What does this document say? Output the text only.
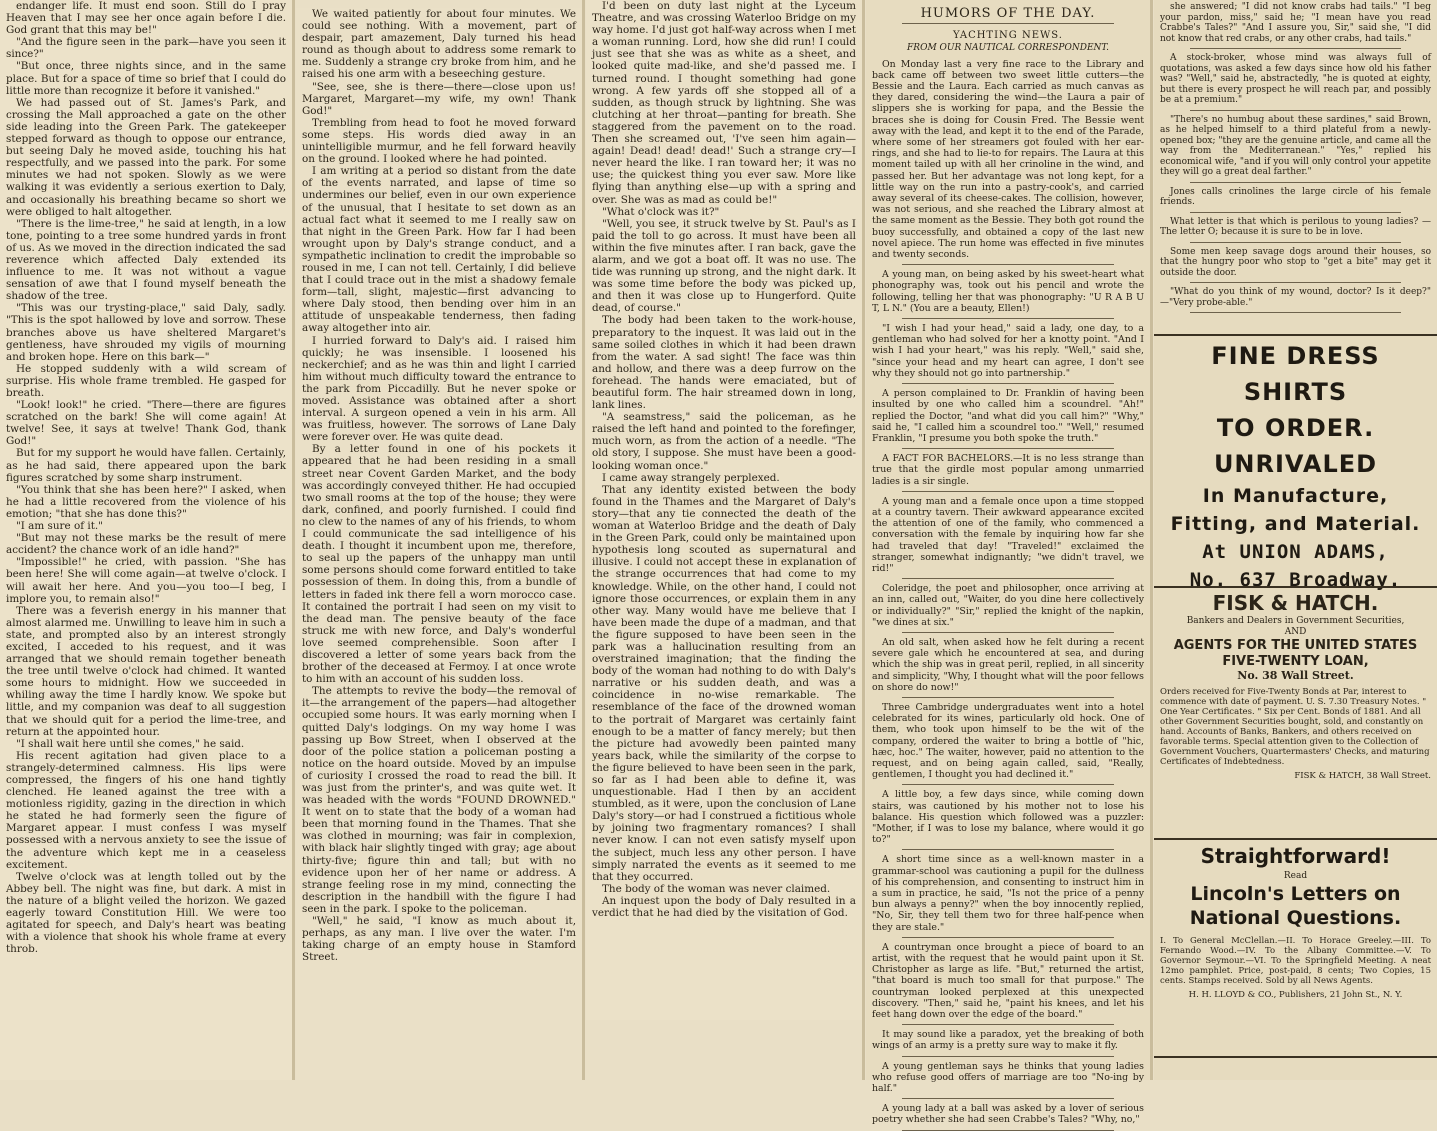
endanger life. It must end soon. Still do I pray Heaven that I may see her once again before I die. God grant that this may be!"

"And the figure seen in the park—have you seen it since?"

"But once, three nights since, and in the same place. But for a space of time so brief that I could do little more than recognize it before it vanished."

We had passed out of St. James's Park, and crossing the Mall approached a gate on the other side leading into the Green Park. The gatekeeper stepped forward as though to oppose our entrance, but seeing Daly he moved aside, touching his hat respectfully, and we passed into the park. For some minutes we had not spoken. Slowly as we were walking it was evidently a serious exertion to Daly, and occasionally his breathing became so short we were obliged to halt altogether.

"There is the lime-tree," he said at length, in a low tone, pointing to a tree some hundred yards in front of us. As we moved in the direction indicated the sad reverence which affected Daly extended its influence to me. It was not without a vague sensation of awe that I found myself beneath the shadow of the tree.

"This was our trysting-place," said Daly, sadly. "This is the spot hallowed by love and sorrow. These branches above us have sheltered Margaret's gentleness, have shrouded my vigils of mourning and broken hope. Here on this bark—"

He stopped suddenly with a wild scream of surprise. His whole frame trembled. He gasped for breath.

"Look! look!" he cried. "There—there are figures scratched on the bark! She will come again! At twelve! See, it says at twelve! Thank God, thank God!"

But for my support he would have fallen. Certainly, as he had said, there appeared upon the bark figures scratched by some sharp instrument.

"You think that she has been here?" I asked, when he had a little recovered from the violence of his emotion; "that she has done this?"

"I am sure of it."

"But may not these marks be the result of mere accident? the chance work of an idle hand?"

"Impossible!" he cried, with passion. "She has been here! She will come again—at twelve o'clock. I will await her here. And you—you too—I beg, I implore you, to remain also!"

There was a feverish energy in his manner that almost alarmed me. Unwilling to leave him in such a state, and prompted also by an interest strongly excited, I acceded to his request, and it was arranged that we should remain together beneath the tree until twelve o'clock had chimed. It wanted some hours to midnight. How we succeeded in whiling away the time I hardly know. We spoke but little, and my companion was deaf to all suggestion that we should quit for a period the lime-tree, and return at the appointed hour.

"I shall wait here until she comes," he said.

His recent agitation had given place to a strangely-determined calmness. His lips were compressed, the fingers of his one hand tightly clenched. He leaned against the tree with a motionless rigidity, gazing in the direction in which he stated he had formerly seen the figure of Margaret appear. I must confess I was myself possessed with a nervous anxiety to see the issue of the adventure which kept me in a ceaseless excitement.

Twelve o'clock was at length tolled out by the Abbey bell. The night was fine, but dark. A mist in the nature of a blight veiled the horizon. We gazed eagerly toward Constitution Hill. We were too agitated for speech, and Daly's heart was beating with a violence that shook his whole frame at every throb.

We waited patiently for about four minutes. We could see nothing. With a movement, part of despair, part amazement, Daly turned his head round as though about to address some remark to me. Suddenly a strange cry broke from him, and he raised his one arm with a beseeching gesture.

"See, see, she is there—there—close upon us! Margaret, Margaret—my wife, my own! Thank God!"

Trembling from head to foot he moved forward some steps. His words died away in an unintelligible murmur, and he fell forward heavily on the ground. I looked where he had pointed.

I am writing at a period so distant from the date of the events narrated, and lapse of time so undermines our belief, even in our own experience of the unusual, that I hesitate to set down as an actual fact what it seemed to me I really saw on that night in the Green Park. How far I had been wrought upon by Daly's strange conduct, and a sympathetic inclination to credit the improbable so roused in me, I can not tell. Certainly, I did believe that I could trace out in the mist a shadowy female form—tall, slight, majestic—first advancing to where Daly stood, then bending over him in an attitude of unspeakable tenderness, then fading away altogether into air.

I hurried forward to Daly's aid. I raised him quickly; he was insensible. I loosened his neckerchief; and as he was thin and light I carried him without much difficulty toward the entrance to the park from Piccadilly. But he never spoke or moved. Assistance was obtained after a short interval. A surgeon opened a vein in his arm. All was fruitless, however. The sorrows of Lane Daly were forever over. He was quite dead.

By a letter found in one of his pockets it appeared that he had been residing in a small street near Covent Garden Market, and the body was accordingly conveyed thither. He had occupied two small rooms at the top of the house; they were dark, confined, and poorly furnished. I could find no clew to the names of any of his friends, to whom I could communicate the sad intelligence of his death. I thought it incumbent upon me, therefore, to seal up the papers of the unhappy man until some persons should come forward entitled to take possession of them. In doing this, from a bundle of letters in faded ink there fell a worn morocco case. It contained the portrait I had seen on my visit to the dead man. The pensive beauty of the face struck me with new force, and Daly's wonderful love seemed comprehensible. Soon after I discovered a letter of some years back from the brother of the deceased at Fermoy. I at once wrote to him with an account of his sudden loss.

The attempts to revive the body—the removal of it—the arrangement of the papers—had altogether occupied some hours. It was early morning when I quitted Daly's lodgings. On my way home I was passing up Bow Street, when I observed at the door of the police station a policeman posting a notice on the hoard outside. Moved by an impulse of curiosity I crossed the road to read the bill. It was just from the printer's, and was quite wet. It was headed with the words "FOUND DROWNED." It went on to state that the body of a woman had been that morning found in the Thames. That she was clothed in mourning; was fair in complexion, with black hair slightly tinged with gray; age about thirty-five; figure thin and tall; but with no evidence upon her of her name or address. A strange feeling rose in my mind, connecting the description in the handbill with the figure I had seen in the park. I spoke to the policeman.

"Well," he said, "I know as much about it, perhaps, as any man. I live over the water. I'm taking charge of an empty house in Stamford Street.

I'd been on duty last night at the Lyceum Theatre, and was crossing Waterloo Bridge on my way home. I'd just got half-way across when I met a woman running. Lord, how she did run! I could just see that she was as white as a sheet, and looked quite mad-like, and she'd passed me. I turned round. I thought something had gone wrong. A few yards off she stopped all of a sudden, as though struck by lightning. She was clutching at her throat—panting for breath. She staggered from the pavement on to the road. Then she screamed out, 'I've seen him again—again! Dead! dead! dead!' Such a strange cry—I never heard the like. I ran toward her; it was no use; the quickest thing you ever saw. More like flying than anything else—up with a spring and over. She was as mad as could be!"

"What o'clock was it?"

"Well, you see, it struck twelve by St. Paul's as I paid the toll to go across. It must have been all within the five minutes after. I ran back, gave the alarm, and we got a boat off. It was no use. The tide was running up strong, and the night dark. It was some time before the body was picked up, and then it was close up to Hungerford. Quite dead, of course."

The body had been taken to the work-house, preparatory to the inquest. It was laid out in the same soiled clothes in which it had been drawn from the water. A sad sight! The face was thin and hollow, and there was a deep furrow on the forehead. The hands were emaciated, but of beautiful form. The hair streamed down in long, lank lines.

"A seamstress," said the policeman, as he raised the left hand and pointed to the forefinger, much worn, as from the action of a needle. "The old story, I suppose. She must have been a good-looking woman once."

I came away strangely perplexed.

That any identity existed between the body found in the Thames and the Margaret of Daly's story—that any tie connected the death of the woman at Waterloo Bridge and the death of Daly in the Green Park, could only be maintained upon hypothesis long scouted as supernatural and illusive. I could not accept these in explanation of the strange occurrences that had come to my knowledge. While, on the other hand, I could not ignore those occurrences, or explain them in any other way. Many would have me believe that I have been made the dupe of a madman, and that the figure supposed to have been seen in the park was a hallucination resulting from an overstrained imagination; that the finding the body of the woman had nothing to do with Daly's narrative or his sudden death, and was a coincidence in no-wise remarkable. The resemblance of the face of the drowned woman to the portrait of Margaret was certainly faint enough to be a matter of fancy merely; but then the picture had avowedly been painted many years back, while the similarity of the corpse to the figure believed to have been seen in the park, so far as I had been able to define it, was unquestionable. Had I then by an accident stumbled, as it were, upon the conclusion of Lane Daly's story—or had I construed a fictitious whole by joining two fragmentary romances? I shall never know. I can not even satisfy myself upon the subject, much less any other person. I have simply narrated the events as it seemed to me that they occurred.

The body of the woman was never claimed.

An inquest upon the body of Daly resulted in a verdict that he had died by the visitation of God.

HUMORS OF THE DAY.
YACHTING NEWS.
FROM OUR NAUTICAL CORRESPONDENT.

On Monday last a very fine race to the Library and back came off between two sweet little cutters—the Bessie and the Laura. Each carried as much canvas as they dared, considering the wind—the Laura a pair of slippers she is working for papa, and the Bessie the braces she is doing for Cousin Fred. The Bessie went away with the lead, and kept it to the end of the Parade, where some of her streamers got fouled with her ear-rings, and she had to lie-to for repairs. The Laura at this moment tailed up with all her crinoline in the wind, and passed her. But her advantage was not long kept, for a little way on the run into a pastry-cook's, and carried away several of its cheese-cakes. The collision, however, was not serious, and she reached the Library almost at the same moment as the Bessie. They both got round the buoy successfully, and obtained a copy of the last new novel apiece. The run home was effected in five minutes and twenty seconds.

A young man, on being asked by his sweet-heart what phonography was, took out his pencil and wrote the following, telling her that was phonography: "U R A B U T, L N." (You are a beauty, Ellen!)

"I wish I had your head," said a lady, one day, to a gentleman who had solved for her a knotty point. "And I wish I had your heart," was his reply. "Well," said she, "since your head and my heart can agree, I don't see why they should not go into partnership."

A person complained to Dr. Franklin of having been insulted by one who called him a scoundrel. "Ah!" replied the Doctor, "and what did you call him?" "Why," said he, "I called him a scoundrel too." "Well," resumed Franklin, "I presume you both spoke the truth."

A FACT FOR BACHELORS.—It is no less strange than true that the girdle most popular among unmarried ladies is a sir single.

A young man and a female once upon a time stopped at a country tavern. Their awkward appearance excited the attention of one of the family, who commenced a conversation with the female by inquiring how far she had traveled that day! "Traveled!" exclaimed the stranger, somewhat indignantly; "we didn't travel, we rid!"

Coleridge, the poet and philosopher, once arriving at an inn, called out, "Waiter, do you dine here collectively or individually?" "Sir," replied the knight of the napkin, "we dines at six."

An old salt, when asked how he felt during a recent severe gale which he encountered at sea, and during which the ship was in great peril, replied, in all sincerity and simplicity, "Why, I thought what will the poor fellows on shore do now!"

Three Cambridge undergraduates went into a hotel celebrated for its wines, particularly old hock. One of them, who took upon himself to be the wit of the company, ordered the waiter to bring a bottle of "hic, hæc, hoc." The waiter, however, paid no attention to the request, and on being again called, said, "Really, gentlemen, I thought you had declined it."

A little boy, a few days since, while coming down stairs, was cautioned by his mother not to lose his balance. His question which followed was a puzzler: "Mother, if I was to lose my balance, where would it go to?"

A short time since as a well-known master in a grammar-school was cautioning a pupil for the dullness of his comprehension, and consenting to instruct him in a sum in practice, he said, "Is not the price of a penny bun always a penny?" when the boy innocently replied, "No, Sir, they tell them two for three half-pence when they are stale."

A countryman once brought a piece of board to an artist, with the request that he would paint upon it St. Christopher as large as life. "But," returned the artist, "that board is much too small for that purpose." The countryman looked perplexed at this unexpected discovery. "Then," said he, "paint his knees, and let his feet hang down over the edge of the board."

It may sound like a paradox, yet the breaking of both wings of an army is a pretty sure way to make it fly.

A young gentleman says he thinks that young ladies who refuse good offers of marriage are too "No-ing by half."

A young lady at a ball was asked by a lover of serious poetry whether she had seen Crabbe's Tales? "Why, no,"

she answered; "I did not know crabs had tails." "I beg your pardon, miss," said he; "I mean have you read Crabbe's Tales?" "And I assure you, Sir," said she, "I did not know that red crabs, or any other crabs, had tails."

A stock-broker, whose mind was always full of quotations, was asked a few days since how old his father was? "Well," said he, abstractedly, "he is quoted at eighty, but there is every prospect he will reach par, and possibly be at a premium."

"There's no humbug about these sardines," said Brown, as he helped himself to a third plateful from a newly-opened box; "they are the genuine article, and came all the way from the Mediterranean." "Yes," replied his economical wife, "and if you will only control your appetite they will go a great deal farther."

Jones calls crinolines the large circle of his female friends.

What letter is that which is perilous to young ladies? —The letter O; because it is sure to be in love.

Some men keep savage dogs around their houses, so that the hungry poor who stop to "get a bite" may get it outside the door.

"What do you think of my wound, doctor? Is it deep?" —"Very probe-able."

FINE DRESS
SHIRTS
TO ORDER.
UNRIVALED
In Manufacture,
Fitting, and Material.
At UNION ADAMS,
No. 637 Broadway.
FISK & HATCH.
Bankers and Dealers in Government Securities,
AND
AGENTS FOR THE UNITED STATES
FIVE-TWENTY LOAN,
No. 38 Wall Street.
Orders received for Five-Twenty Bonds at Par, interest to commence with date of payment. U. S. 7.30 Treasury Notes. " One Year Certificates. " Six per Cent. Bonds of 1881. And all other Government Securities bought, sold, and constantly on hand. Accounts of Banks, Bankers, and others received on favorable terms. Special attention given to the Collection of Government Vouchers, Quartermasters' Checks, and maturing Certificates of Indebtedness.
FISK & HATCH, 38 Wall Street.
Straightforward!
Read
Lincoln's Letters on
National Questions.
I. To General McClellan.—II. To Horace Greeley.—III. To Fernando Wood.—IV. To the Albany Committee.—V. To Governor Seymour.—VI. To the Springfield Meeting. A neat 12mo pamphlet. Price, post-paid, 8 cents; Two Copies, 15 cents. Stamps received. Sold by all News Agents.
H. H. LLOYD & CO., Publishers, 21 John St., N. Y.
